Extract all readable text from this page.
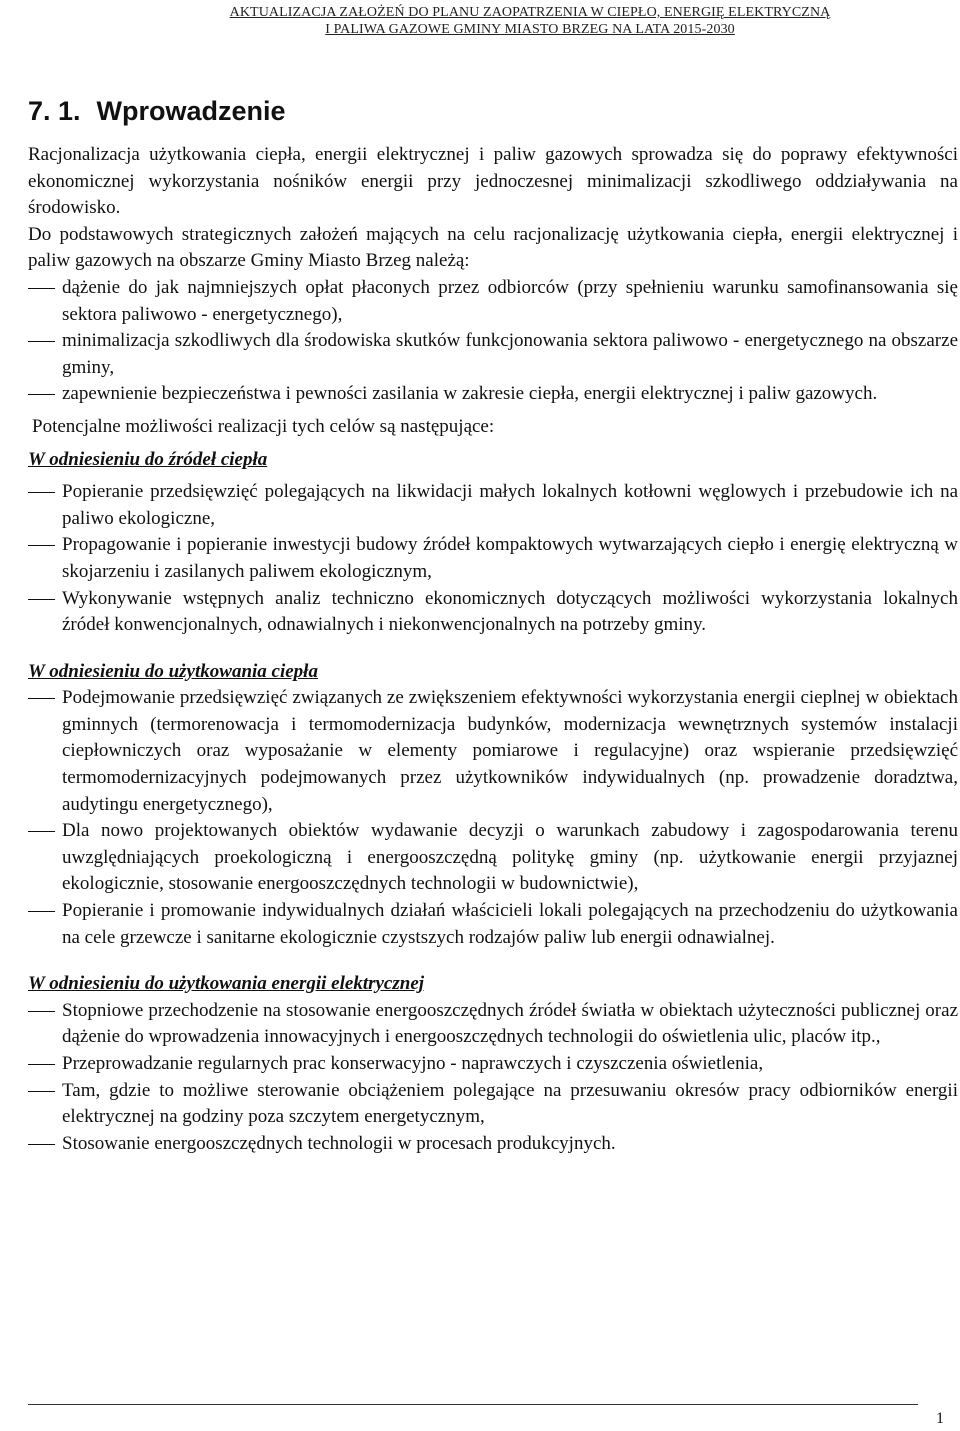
AKTUALIZACJA ZAŁOŻEŃ DO PLANU ZAOPATRZENIA W CIEPŁO, ENERGIĘ ELEKTRYCZNĄ
I PALIWA GAZOWE GMINY MIASTO BRZEG NA LATA 2015-2030
7. 1. Wprowadzenie

Racjonalizacja użytkowania ciepła, energii elektrycznej i paliw gazowych sprowadza się do poprawy efektywności ekonomicznej wykorzystania nośników energii przy jednoczesnej minimalizacji szkodliwego oddziaływania na środowisko.

Do podstawowych strategicznych założeń mających na celu racjonalizację użytkowania ciepła, energii elektrycznej i paliw gazowych na obszarze Gminy Miasto Brzeg należą:

dążenie do jak najmniejszych opłat płaconych przez odbiorców (przy spełnieniu warunku samofinansowania się sektora paliwowo - energetycznego),
minimalizacja szkodliwych dla środowiska skutków funkcjonowania sektora paliwowo - energetycznego na obszarze gminy,
zapewnienie bezpieczeństwa i pewności zasilania w zakresie ciepła, energii elektrycznej i paliw gazowych.

Potencjalne możliwości realizacji tych celów są następujące:

W odniesieniu do źródeł ciepła
Popieranie przedsięwzięć polegających na likwidacji małych lokalnych kotłowni węglowych i przebudowie ich na paliwo ekologiczne,
Propagowanie i popieranie inwestycji budowy źródeł kompaktowych wytwarzających ciepło i energię elektryczną w skojarzeniu i zasilanych paliwem ekologicznym,
Wykonywanie wstępnych analiz techniczno ekonomicznych dotyczących możliwości wykorzystania lokalnych źródeł konwencjonalnych, odnawialnych i niekonwencjonalnych na potrzeby gminy.
W odniesieniu do użytkowania ciepła
Podejmowanie przedsięwzięć związanych ze zwiększeniem efektywności wykorzystania energii cieplnej w obiektach gminnych (termorenowacja i termomodernizacja budynków, modernizacja wewnętrznych systemów instalacji ciepłowniczych oraz wyposażanie w elementy pomiarowe i regulacyjne) oraz wspieranie przedsięwzięć termomodernizacyjnych podejmowanych przez użytkowników indywidualnych (np. prowadzenie doradztwa, audytingu energetycznego),
Dla nowo projektowanych obiektów wydawanie decyzji o warunkach zabudowy i zagospodarowania terenu uwzględniających proekologiczną i energooszczędną politykę gminy (np. użytkowanie energii przyjaznej ekologicznie, stosowanie energooszczędnych technologii w budownictwie),
Popieranie i promowanie indywidualnych działań właścicieli lokali polegających na przechodzeniu do użytkowania na cele grzewcze i sanitarne ekologicznie czystszych rodzajów paliw lub energii odnawialnej.
W odniesieniu do użytkowania energii elektrycznej
Stopniowe przechodzenie na stosowanie energooszczędnych źródeł światła w obiektach użyteczności publicznej oraz dążenie do wprowadzenia innowacyjnych i energooszczędnych technologii do oświetlenia ulic, placów itp.,
Przeprowadzanie regularnych prac konserwacyjno - naprawczych i czyszczenia oświetlenia,
Tam, gdzie to możliwe sterowanie obciążeniem polegające na przesuwaniu okresów pracy odbiorników energii elektrycznej na godziny poza szczytem energetycznym,
Stosowanie energooszczędnych technologii w procesach produkcyjnych.
1
